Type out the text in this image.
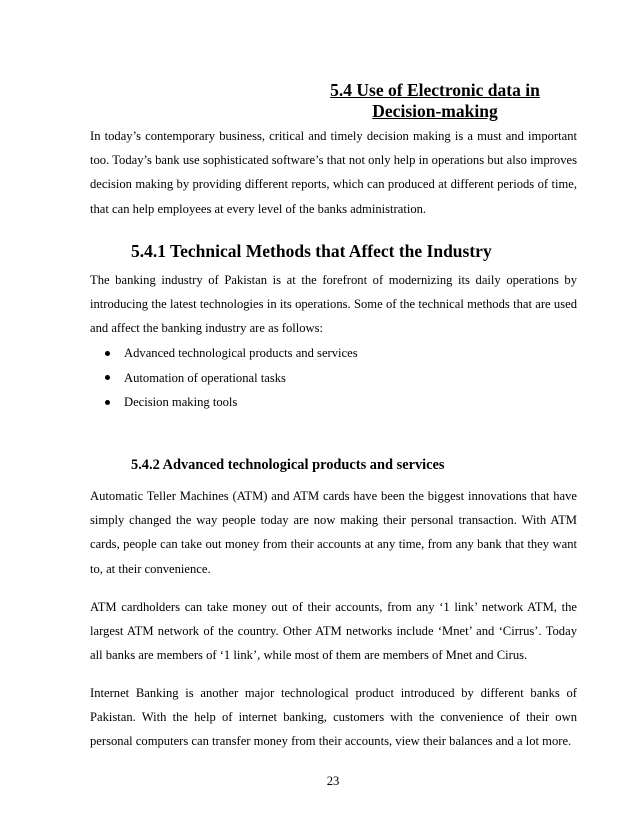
5.4 Use of Electronic data in
Decision-making

In today’s contemporary business, critical and timely decision making is a must and important too. Today’s bank use sophisticated software’s that not only help in operations but also improves decision making by providing different reports, which can produced at different periods of time, that can help employees at every level of the banks administration.

5.4.1 Technical Methods that Affect the Industry

The banking industry of Pakistan is at the forefront of modernizing its daily operations by introducing the latest technologies in its operations. Some of the technical methods that are used and affect the banking industry are as follows:

Advanced technological products and services
Automation of operational tasks
Decision making tools
5.4.2 Advanced technological products and services

Automatic Teller Machines (ATM) and ATM cards have been the biggest innovations that have simply changed the way people today are now making their personal transaction. With ATM cards, people can take out money from their accounts at any time, from any bank that they want to, at their convenience.

ATM cardholders can take money out of their accounts, from any ‘1 link’ network ATM, the largest ATM network of the country. Other ATM networks include ‘Mnet’ and ‘Cirrus’. Today all banks are members of ‘1 link’, while most of them are members of Mnet and Cirus.

Internet Banking is another major technological product introduced by different banks of Pakistan. With the help of internet banking, customers with the convenience of their own personal computers can transfer money from their accounts, view their balances and a lot more.

23
